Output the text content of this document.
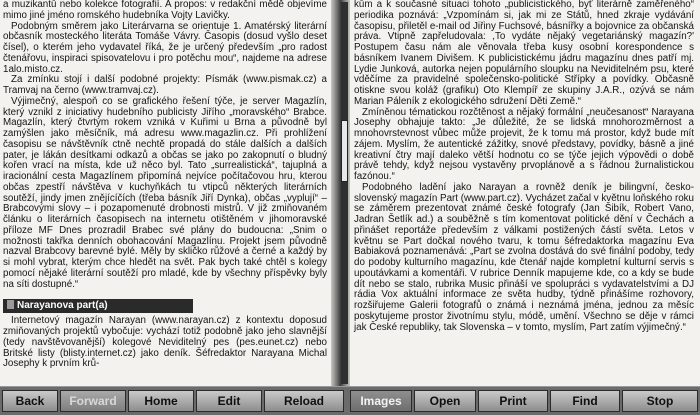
a muzikantů nebo kolekce fotografií. A propos: v redakční mědě objevíme mimo jiné jméno romského hudebníka Vojty Lavičky.

Podobným směrem jako Literárvarna se orientuje 1. Amatérský literární občasník mosteckého literáta Tomáše Vávry. Časopis (dosud vyšlo deset čísel), o kterém jeho vydavatel říká, že je určený především „pro radost čtenářovu, inspiraci spisovatelovu i pro potěchu mou“, najdeme na adrese 1alo.misto.cz.

Za zmínku stojí i další podobné projekty: Písmák (www.pismak.cz) a Tramvaj na černo (www.tramvaj.cz).

Výjimečný, alespoň co se grafického řešení týče, je server Magazlín, který vznikl z iniciativy hudebního publicisty Jiřího „moravského“ Brabce. Magazlín, který čtvrtým rokem vzniká v Kuřimi u Brna a původně byl zamýšlen jako měsíčník, má adresu www.magazlin.cz. Při prohlížení časopisu se návštěvník ctně nechtě propadá do stále dalších a dalších pater, je lákán desítkami odkazů a občas se jako po zakopnutí o bludný kořen vrací na místa, kde už něco byl. Tato „surrealistická“, tajuplná a iracionální cesta Magazlínem připomíná nejvíce počítačovou hru, kterou občas zpestří návštěva v kuchyňkách tu vtipců některých literárních soutěží, jindy jmen znějícíčích (třeba básník Jiří Dynka), občas „vyplují“ – Brabcovými slovy – i pozapomenuté drobnosti mistrů. V již zmiňovaném článku o literárních časopisech na internetu otištěném v jihomoravské příloze MF Dnes prozradil Brabec své plány do budoucna: „Snim o možnosti takřka denních obohacování Magazlínu. Projekt jsem původně nazval Brabcovy barevné bylé. Měly by skličko růžové a černé a každý by si mohl vybrat, kterým chce hledět na svět. Pak bych také chtěl s kolegy pomocí nějaké literární soutěží pro mladé, kde by všechny příspěvky byly na síti dostupné.“

Narayanova part(a)

Internetový magazín Narayan (www.narayan.cz) z kontextu doposud zmiňovaných projektů vybočuje: vychází totiž podobně jako jeho slavnější (tedy navštěvovanější) kolegové Neviditelný pes (pes.eunet.cz) nebo Britské listy (blisty.internet.cz) jako deník. Šéfredaktor Narayana Michal Josephy k prvním krů-

kům a k současné situaci tohoto „publicistického, byť literárně zaměřeného“ periodika poznává: „Vzpomínám si, jak mi ze Států, hned zkraje vydávání časopisu, přiletěl e-mail od Jiřiny Fuchsové, básnířky a bojovnice za občanská práva. Vtipně zapřeludovala: ,To vydáte nějaký vegetariánský magazín?' Postupem času nám ale věnovala třeba kusy osobní korespondence s básníkem Ivanem Divišem. K publicistickému jádru magazínu dnes patří mj. Lydie Junková, autorka nejen populárního sloupku na Neviditelném psu, které vděčíme za pravidelné společensko-politické Střípky a povídky. Občasně otiskne svou koláž (grafiku) Oto Klempíř ze skupiny J.A.R., ozývá se nám Marian Páleník z ekologického sdružení Děti Země.“

Zmíněnou tématickou rozčtěnost a nějaký formální „neučesanost“ Narayana Josephy obhajuje takto: „Je důležité, že se lidská mnohorozměrnost a mnohovrstevnost vůbec může projevit, že k tomu má prostor, když bude mít zájem. Myslím, že autentické zážitky, snové představy, povídky, básně a jiné kreativní čtry mají daleko větší hodnotu co se týče jejich výpovědi o době právě tehdy, když nejsou vystavěny prvoplánově a s řádnou žurnalistickou fazónou.“

Podobného ladění jako Narayan a rovněž deník je bilingvní, česko-slovenský magazín Part (www.part.cz). Vycházet začal v květnu loňského roku se záměrem prezentovat známé české fotografy (Jan Šibík, Robert Vano, Jadran Šetlík ad.) a souběžně s tím komentovat politické dění v Čechách a přinášet reportáže především z válkami postižených částí světa. Letos v květnu se Part dočkal nového tvaru, k tomu šéfredaktorka magazínu Eva Babiaková poznamenává: „Part se zvolna dostává do své finální podoby, tedy do podoby kulturního magazínu, kde čtenář najde kompletní kulturní servis s upoutávkami a komentáři. V rubrice Denník mapujeme kde, co a kdy se bude dít nebo se stalo, rubrika Music přináší ve spolupráci s vydavatelstvími a DJ rádia Vox aktuální informace ze světa hudby, týdně přinášíme rozhovory, rozšiřujeme Galerii fotografů o známá i neznámá jména, jednou za měsíc poskytujeme prostor životnímu stylu, módě, umění. Všechno se děje v rámci jak České republiky, tak Slovenska – v tomto, myslím, Part zatím výjimečný.“

Back	Forward	Home	Edit	Reload	Images	Open	Print	Find	Stop
